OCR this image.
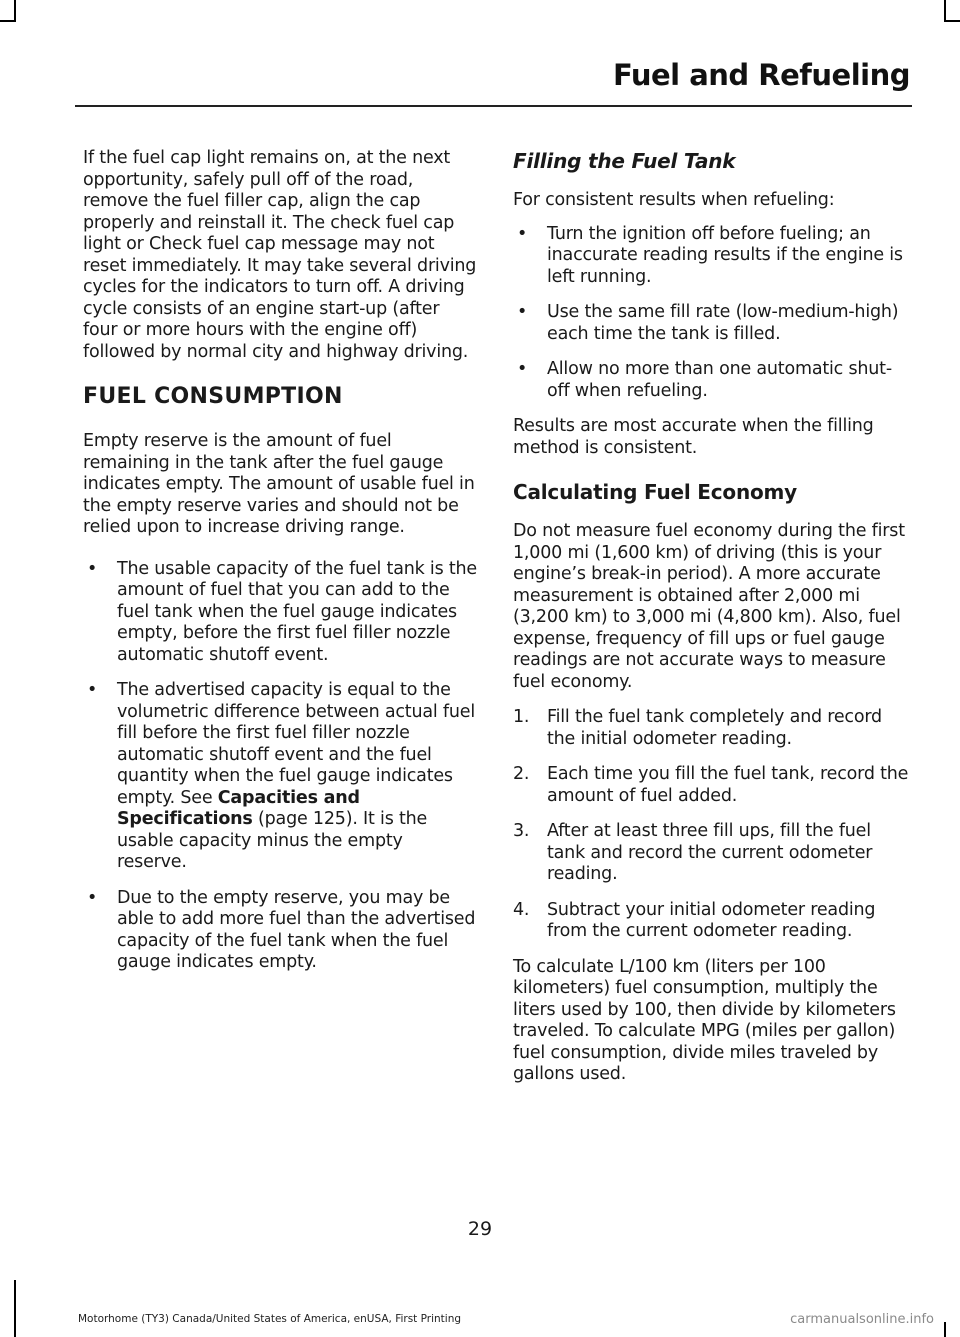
Fuel and Refueling

If the fuel cap light remains on, at the next opportunity, safely pull off of the road, remove the fuel filler cap, align the cap properly and reinstall it. The check fuel cap light or Check fuel cap message may not reset immediately. It may take several driving cycles for the indicators to turn off. A driving cycle consists of an engine start-up (after four or more hours with the engine off) followed by normal city and highway driving.

FUEL CONSUMPTION

Empty reserve is the amount of fuel remaining in the tank after the fuel gauge indicates empty. The amount of usable fuel in the empty reserve varies and should not be relied upon to increase driving range.

• The usable capacity of the fuel tank is the amount of fuel that you can add to the fuel tank when the fuel gauge indicates empty, before the first fuel filler nozzle automatic shutoff event.
• The advertised capacity is equal to the volumetric difference between actual fuel fill before the first fuel filler nozzle automatic shutoff event and the fuel quantity when the fuel gauge indicates empty. See Capacities and Specifications (page 125). It is the usable capacity minus the empty reserve.
• Due to the empty reserve, you may be able to add more fuel than the advertised capacity of the fuel tank when the fuel gauge indicates empty.
Filling the Fuel Tank

For consistent results when refueling:

• Turn the ignition off before fueling; an inaccurate reading results if the engine is left running.
• Use the same fill rate (low-medium-high) each time the tank is filled.
• Allow no more than one automatic shut-off when refueling.

Results are most accurate when the filling method is consistent.

Calculating Fuel Economy

Do not measure fuel economy during the first 1,000 mi (1,600 km) of driving (this is your engine’s break-in period). A more accurate measurement is obtained after 2,000 mi (3,200 km) to 3,000 mi (4,800 km). Also, fuel expense, frequency of fill ups or fuel gauge readings are not accurate ways to measure fuel economy.

1. Fill the fuel tank completely and record the initial odometer reading.
2. Each time you fill the fuel tank, record the amount of fuel added.
3. After at least three fill ups, fill the fuel tank and record the current odometer reading.
4. Subtract your initial odometer reading from the current odometer reading.

To calculate L/100 km (liters per 100 kilometers) fuel consumption, multiply the liters used by 100, then divide by kilometers traveled. To calculate MPG (miles per gallon) fuel consumption, divide miles traveled by gallons used.

29
Motorhome (TY3) Canada/United States of America, enUSA, First Printing	carmanualsonline.info
